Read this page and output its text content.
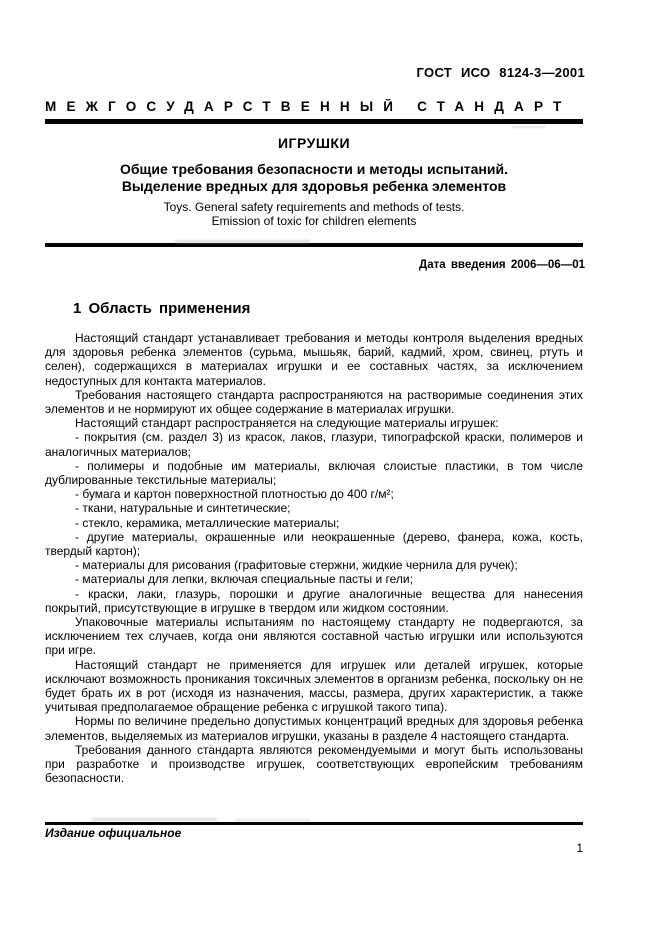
ГОСТ ИСО 8124-3—2001
МЕЖГОСУДАРСТВЕННЫЙ СТАНДАРТ
ИГРУШКИ
Общие требования безопасности и методы испытаний.
Выделение вредных для здоровья ребенка элементов
Toys. General safety requirements and methods of tests.
Emission of toxic for children elements
Дата введения 2006—06—01
1 Область применения

Настоящий стандарт устанавливает требования и методы контроля выделения вредных для здоровья ребенка элементов (сурьма, мышьяк, барий, кадмий, хром, свинец, ртуть и селен), содержащихся в материалах игрушки и ее составных частях, за исключением недоступных для контакта материалов.

Требования настоящего стандарта распространяются на растворимые соединения этих элементов и не нормируют их общее содержание в материалах игрушки.

Настоящий стандарт распространяется на следующие материалы игрушек:

- покрытия (см. раздел 3) из красок, лаков, глазури, типографской краски, полимеров и аналогичных материалов;

- полимеры и подобные им материалы, включая слоистые пластики, в том числе дублированные текстильные материалы;

- бумага и картон поверхностной плотностью до 400 г/м²;

- ткани, натуральные и синтетические;

- стекло, керамика, металлические материалы;

- другие материалы, окрашенные или неокрашенные (дерево, фанера, кожа, кость, твердый картон);

- материалы для рисования (графитовые стержни, жидкие чернила для ручек);

- материалы для лепки, включая специальные пасты и гели;

- краски, лаки, глазурь, порошки и другие аналогичные вещества для нанесения покрытий, присутствующие в игрушке в твердом или жидком состоянии.

Упаковочные материалы испытаниям по настоящему стандарту не подвергаются, за исключением тех случаев, когда они являются составной частью игрушки или используются при игре.

Настоящий стандарт не применяется для игрушек или деталей игрушек, которые исключают возможность проникания токсичных элементов в организм ребенка, поскольку он не будет брать их в рот (исходя из назначения, массы, размера, других характеристик, а также учитывая предполагаемое обращение ребенка с игрушкой такого типа).

Нормы по величине предельно допустимых концентраций вредных для здоровья ребенка элементов, выделяемых из материалов игрушки, указаны в разделе 4 настоящего стандарта.

Требования данного стандарта являются рекомендуемыми и могут быть использованы при разработке и производстве игрушек, соответствующих европейским требованиям безопасности.

Издание официальное
1
